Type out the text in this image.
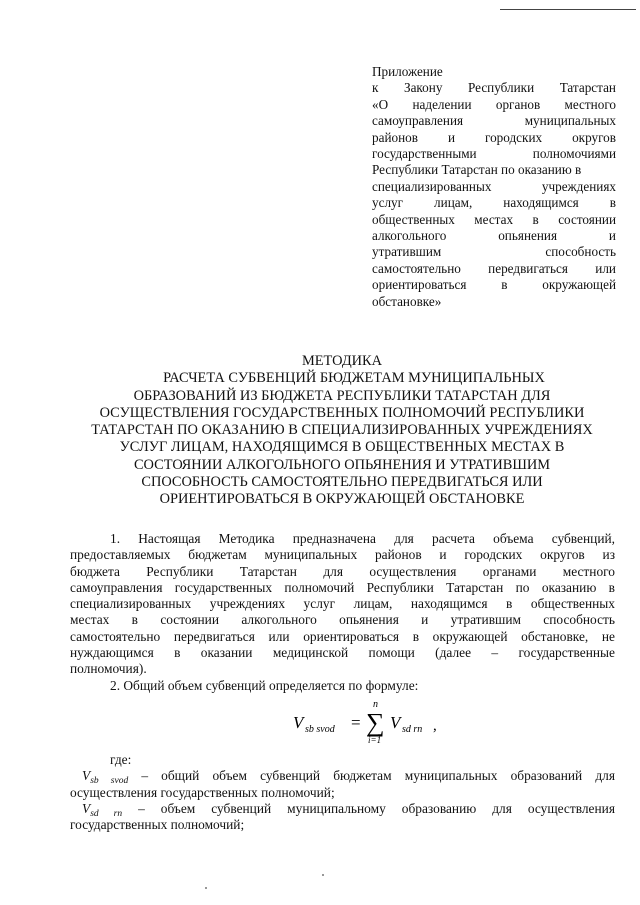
Приложение
к Закону Республики Татарстан
«О наделении органов местного
самоуправления муниципальных
районов и городских округов
государственными полномочиями
Республики Татарстан по оказанию в
специализированных учреждениях
услуг лицам, находящимся в
общественных местах в состоянии
алкогольного опьянения и
утратившим способность
самостоятельно передвигаться или
ориентироваться в окружающей
обстановке»
МЕТОДИКА
РАСЧЕТА СУБВЕНЦИЙ БЮДЖЕТАМ МУНИЦИПАЛЬНЫХ
ОБРАЗОВАНИЙ ИЗ БЮДЖЕТА РЕСПУБЛИКИ ТАТАРСТАН ДЛЯ
ОСУЩЕСТВЛЕНИЯ ГОСУДАРСТВЕННЫХ ПОЛНОМОЧИЙ РЕСПУБЛИКИ
ТАТАРСТАН ПО ОКАЗАНИЮ В СПЕЦИАЛИЗИРОВАННЫХ УЧРЕЖДЕНИЯХ
УСЛУГ ЛИЦАМ, НАХОДЯЩИМСЯ В ОБЩЕСТВЕННЫХ МЕСТАХ В
СОСТОЯНИИ АЛКОГОЛЬНОГО ОПЬЯНЕНИЯ И УТРАТИВШИМ
СПОСОБНОСТЬ САМОСТОЯТЕЛЬНО ПЕРЕДВИГАТЬСЯ ИЛИ
ОРИЕНТИРОВАТЬСЯ В ОКРУЖАЮЩЕЙ ОБСТАНОВКЕ
1. Настоящая Методика предназначена для расчета объема субвенций,
предоставляемых бюджетам муниципальных районов и городских округов из
бюджета Республики Татарстан для осуществления органами местного
самоуправления государственных полномочий Республики Татарстан по оказанию в
специализированных учреждениях услуг лицам, находящимся в общественных
местах в состоянии алкогольного опьянения и утратившим способность
самостоятельно передвигаться или ориентироваться в окружающей обстановке, не
нуждающимся в оказании медицинской помощи (далее – государственные
полномочия).
2. Общий объем субвенций определяется по формуле:
V sb svod =
n
∑
i=1
V sd rn ,
где:
$V_{sb svod}$ – общий объем субвенций бюджетам муниципальных образований для
осуществления государственных полномочий;
$V_{sd rn}$ – объем субвенций муниципальному образованию для осуществления
государственных полномочий;
